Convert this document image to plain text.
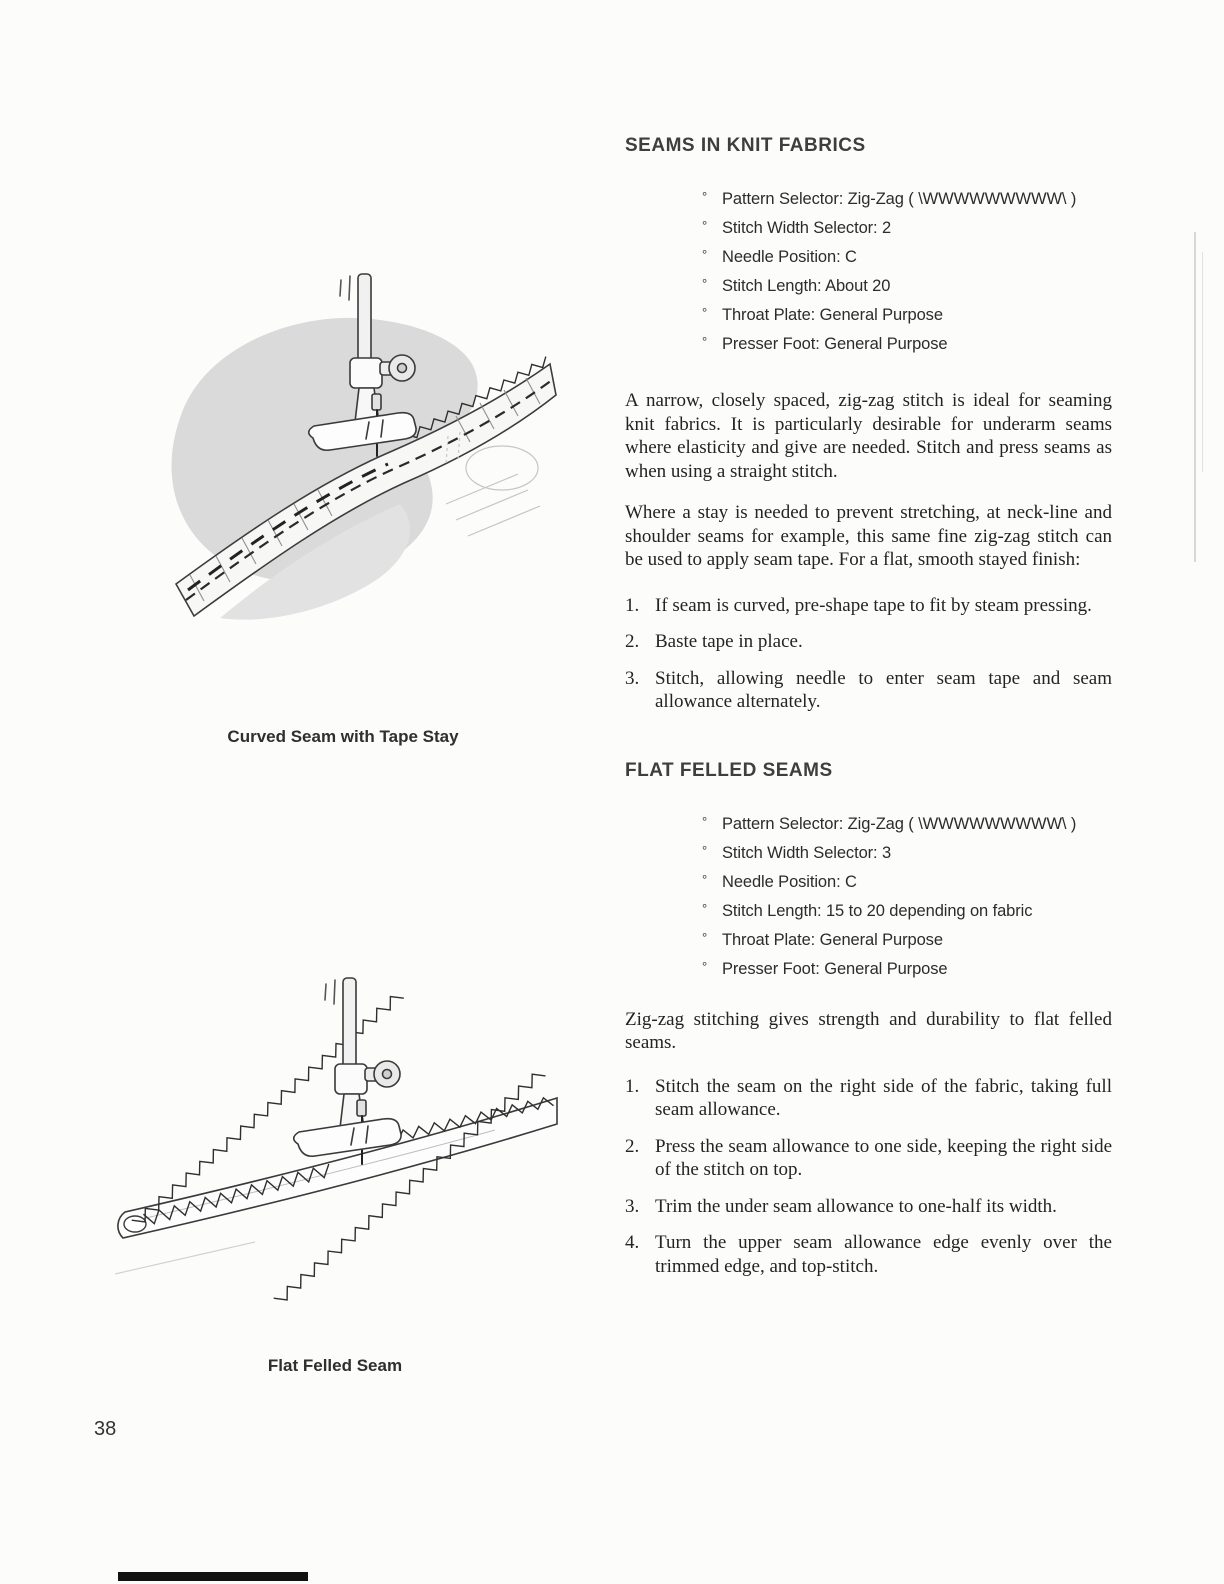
Curved Seam with Tape Stay
Flat Felled Seam
SEAMS IN KNIT FABRICS
° Pattern Selector: Zig-Zag ( \WWWWWWWWW\ )
° Stitch Width Selector: 2
° Needle Position: C
° Stitch Length: About 20
° Throat Plate: General Purpose
° Presser Foot: General Purpose

A narrow, closely spaced, zig-zag stitch is ideal for seaming knit fabrics. It is particularly desirable for underarm seams where elasticity and give are needed. Stitch and press seams as when using a straight stitch.

Where a stay is needed to prevent stretching, at neck-line and shoulder seams for example, this same fine zig-zag stitch can be used to apply seam tape. For a flat, smooth stayed finish:

1. If seam is curved, pre-shape tape to fit by steam pressing.
2. Baste tape in place.
3. Stitch, allowing needle to enter seam tape and seam allowance alternately.
FLAT FELLED SEAMS
° Pattern Selector: Zig-Zag ( \WWWWWWWWW\ )
° Stitch Width Selector: 3
° Needle Position: C
° Stitch Length: 15 to 20 depending on fabric
° Throat Plate: General Purpose
° Presser Foot: General Purpose

Zig-zag stitching gives strength and durability to flat felled seams.

1. Stitch the seam on the right side of the fabric, taking full seam allowance.
2. Press the seam allowance to one side, keeping the right side of the stitch on top.
3. Trim the under seam allowance to one-half its width.
4. Turn the upper seam allowance edge evenly over the trimmed edge, and top-stitch.
38
